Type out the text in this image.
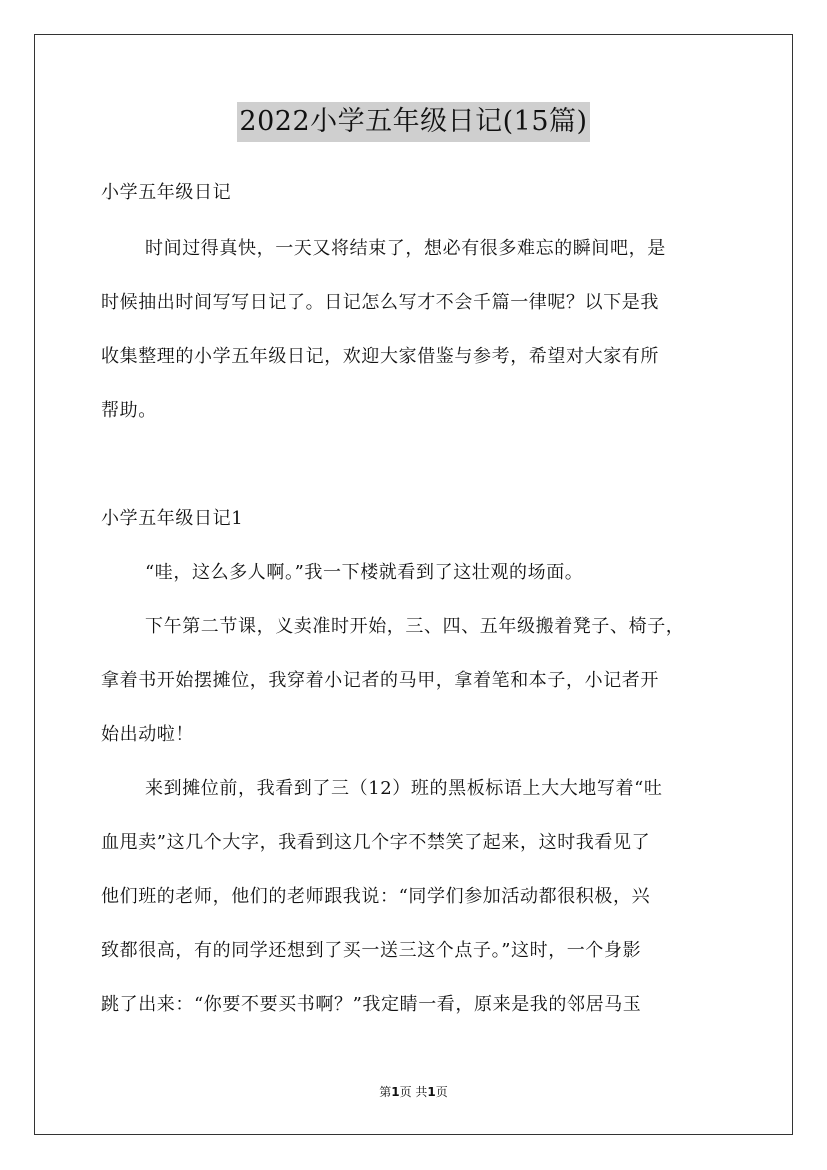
2022小学五年级日记(15篇)
小学五年级日记
时间过得真快，一天又将结束了，想必有很多难忘的瞬间吧，是
时候抽出时间写写日记了。日记怎么写才不会千篇一律呢？以下是我
收集整理的小学五年级日记，欢迎大家借鉴与参考，希望对大家有所
帮助。
小学五年级日记1
“哇，这么多人啊。”我一下楼就看到了这壮观的场面。
下午第二节课，义卖准时开始，三、四、五年级搬着凳子、椅子，
拿着书开始摆摊位，我穿着小记者的马甲，拿着笔和本子，小记者开
始出动啦！
来到摊位前，我看到了三（12）班的黑板标语上大大地写着“吐
血甩卖”这几个大字，我看到这几个字不禁笑了起来，这时我看见了
他们班的老师，他们的老师跟我说：“同学们参加活动都很积极，兴
致都很高，有的同学还想到了买一送三这个点子。”这时，一个身影
跳了出来：“你要不要买书啊？”我定睛一看，原来是我的邻居马玉
第1页 共1页
